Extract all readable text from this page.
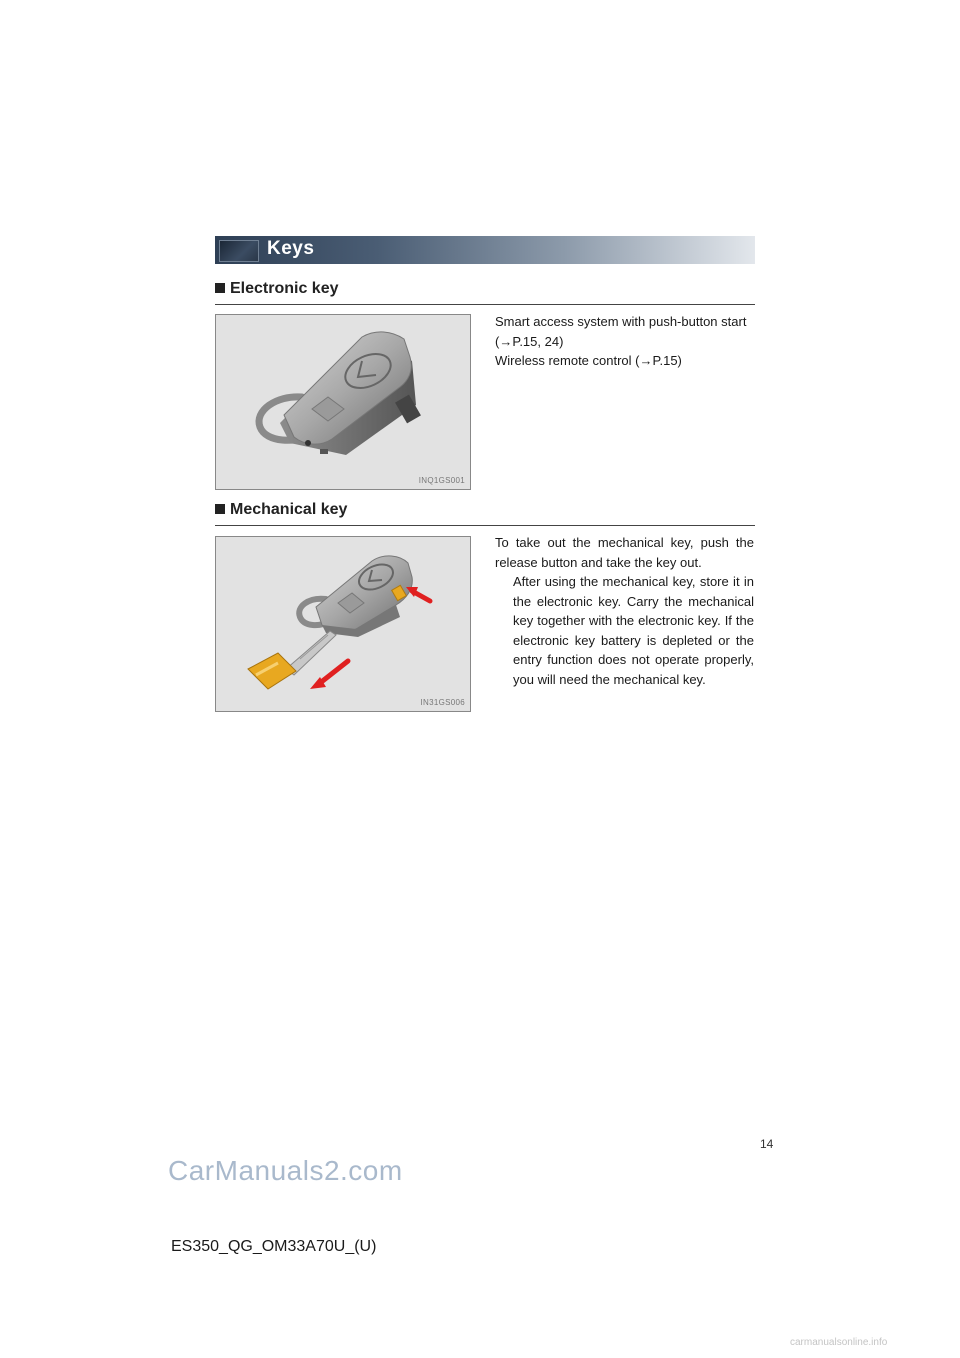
Keys
Electronic key
INQ1GS001

Smart access system with push-button start

(→P.15, 24)

Wireless remote control (→P.15)

Mechanical key
IN31GS006

To take out the mechanical key, push the release button and take the key out.

After using the mechanical key, store it in the electronic key. Carry the mechanical key together with the electronic key. If the electronic key battery is depleted or the entry function does not operate properly, you will need the mechanical key.

14
CarManuals2.com
ES350_QG_OM33A70U_(U)
carmanualsonline.info
